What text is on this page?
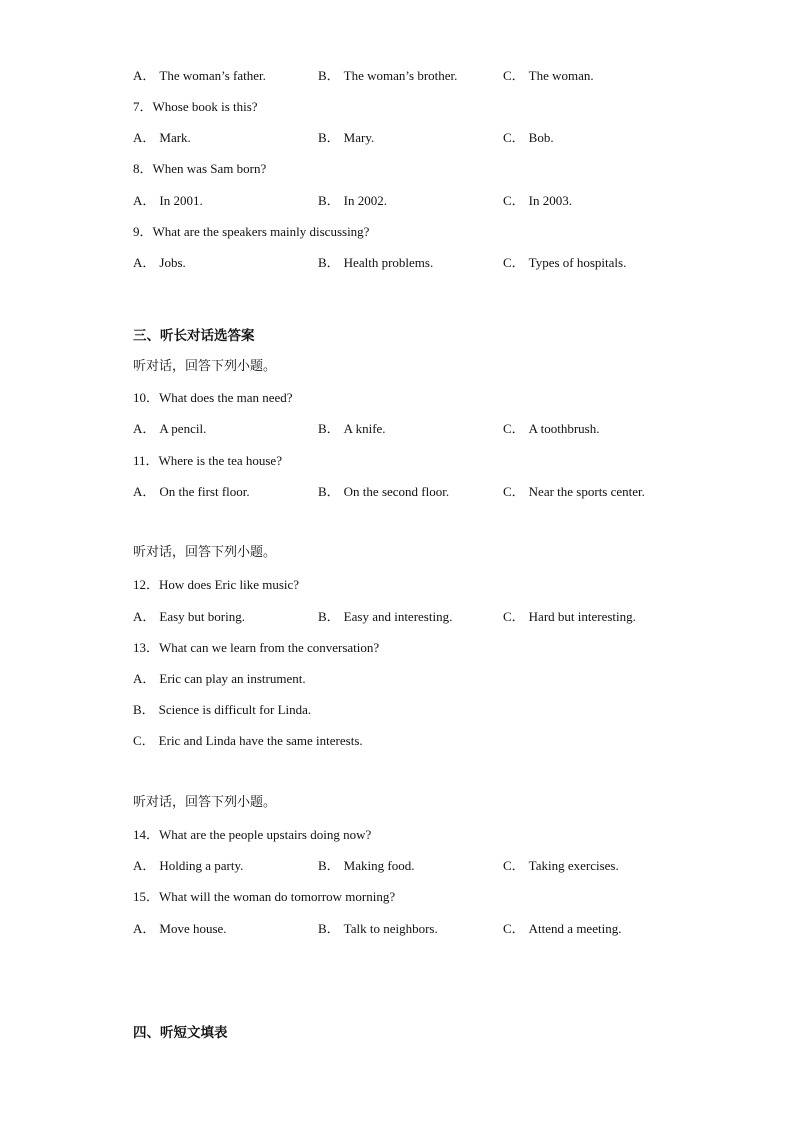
A． The woman’s father.	B． The woman’s brother.	C． The woman.
7．Whose book is this?
A． Mark.	B． Mary.	C． Bob.
8．When was Sam born?
A． In 2001.	B． In 2002.	C． In 2003.
9．What are the speakers mainly discussing?
A． Jobs.	B． Health problems.	C． Types of hospitals.
三、听长对话选答案
听对话，回答下列小题。
10．What does the man need?
A． A pencil.	B． A knife.	C． A toothbrush.
11．Where is the tea house?
A． On the first floor.	B． On the second floor.	C． Near the sports center.
听对话，回答下列小题。
12．How does Eric like music?
A． Easy but boring.	B． Easy and interesting.	C． Hard but interesting.
13．What can we learn from the conversation?
A． Eric can play an instrument.
B． Science is difficult for Linda.
C． Eric and Linda have the same interests.
听对话，回答下列小题。
14．What are the people upstairs doing now?
A． Holding a party.	B． Making food.	C． Taking exercises.
15．What will the woman do tomorrow morning?
A． Move house.	B． Talk to neighbors.	C． Attend a meeting.
四、听短文填表
